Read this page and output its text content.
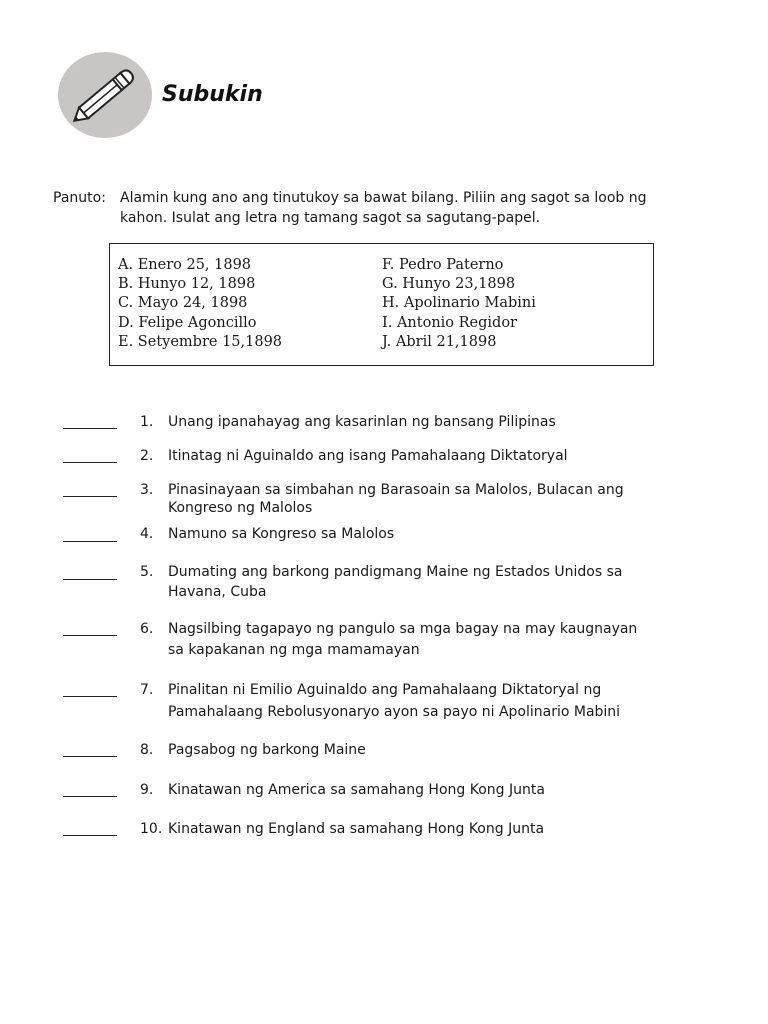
Subukin
Panuto:	Alamin kung ano ang tinutukoy sa bawat bilang. Piliin ang sagot sa loob ng
kahon. Isulat ang letra ng tamang sagot sa sagutang-papel.
A. Enero 25, 1898
B. Hunyo 12, 1898
C. Mayo 24, 1898
D. Felipe Agoncillo
E. Setyembre 15,1898
F. Pedro Paterno
G. Hunyo 23,1898
H. Apolinario Mabini
I. Antonio Regidor
J. Abril 21,1898
1. Unang ipanahayag ang kasarinlan ng bansang Pilipinas
2. Itinatag ni Aguinaldo ang isang Pamahalaang Diktatoryal
3. Pinasinayaan sa simbahan ng Barasoain sa Malolos, Bulacan ang
Kongreso ng Malolos
4. Namuno sa Kongreso sa Malolos
5. Dumating ang barkong pandigmang Maine ng Estados Unidos sa
Havana, Cuba
6. Nagsilbing tagapayo ng pangulo sa mga bagay na may kaugnayan
sa kapakanan ng mga mamamayan
7. Pinalitan ni Emilio Aguinaldo ang Pamahalaang Diktatoryal ng
Pamahalaang Rebolusyonaryo ayon sa payo ni Apolinario Mabini
8. Pagsabog ng barkong Maine
9. Kinatawan ng America sa samahang Hong Kong Junta
10. Kinatawan ng England sa samahang Hong Kong Junta
